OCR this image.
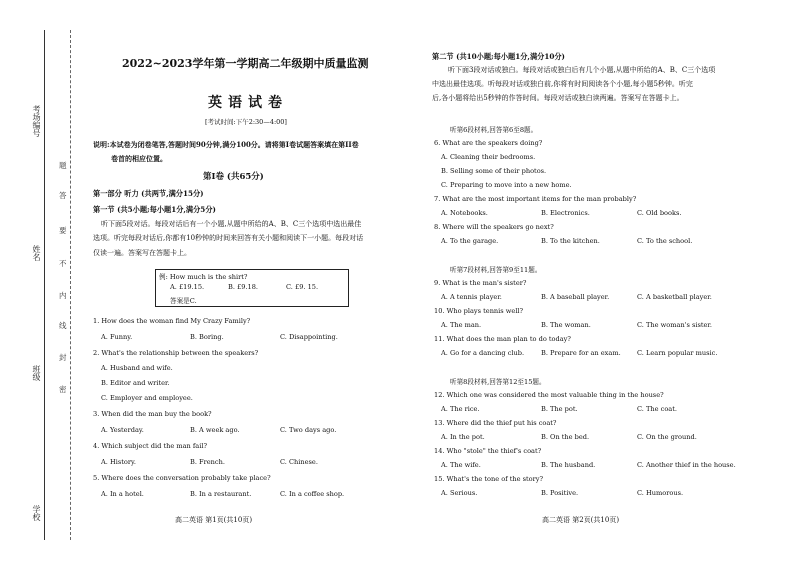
考场编号
姓名
班级
学校
题
答
要
不
内
线
封
密
2022~2023学年第一学期高二年级期中质量监测
英语试卷
[考试时间:下午2:30—4:00]
说明:本试卷为闭卷笔答,答题时间90分钟,满分100分。请将第I卷试题答案填在第II卷
卷首的相应位置。
第I卷 (共65分)
第一部分 听力 (共两节,满分15分)
第一节 (共5小题;每小题1分,满分5分)
听下面5段对话。每段对话后有一个小题,从题中所给的A、B、C三个选项中选出最佳
选项。听完每段对话后,你都有10秒钟的时间来回答有关小题和阅读下一小题。每段对话
仅读一遍。答案写在答题卡上。
例: How much is the shirt?
A. £19.15.	B. £9.18.	C. £9. 15.
答案是C.
1. How does the woman find My Crazy Family?
A. Funny.	B. Boring.	C. Disappointing.
2. What's the relationship between the speakers?
A. Husband and wife.
B. Editor and writer.
C. Employer and employee.
3. When did the man buy the book?
A. Yesterday.	B. A week ago.	C. Two days ago.
4. Which subject did the man fail?
A. History.	B. French.	C. Chinese.
5. Where does the conversation probably take place?
A. In a hotel.	B. In a restaurant.	C. In a coffee shop.
第二节 (共10小题;每小题1分,满分10分)
听下面3段对话或独白。每段对话或独白后有几个小题,从题中所给的A、B、C三个选项
中选出最佳选项。听每段对话或独白前,你将有时间阅读各个小题,每小题5秒钟。听完
后,各小题将给出5秒钟的作答时间。每段对话或独白读两遍。答案写在答题卡上。
听第6段材料,回答第6至8题。
6. What are the speakers doing?
A. Cleaning their bedrooms.
B. Selling some of their photos.
C. Preparing to move into a new home.
7. What are the most important items for the man probably?
A. Notebooks.	B. Electronics.	C. Old books.
8. Where will the speakers go next?
A. To the garage.	B. To the kitchen.	C. To the school.
听第7段材料,回答第9至11题。
9. What is the man's sister?
A. A tennis player.	B. A baseball player.	C. A basketball player.
10. Who plays tennis well?
A. The man.	B. The woman.	C. The woman's sister.
11. What does the man plan to do today?
A. Go for a dancing club.	B. Prepare for an exam. C. Learn popular music.
听第8段材料,回答第12至15题。
12. Which one was considered the most valuable thing in the house?
A. The rice.	B. The pot.	C. The coat.
13. Where did the thief put his coat?
A. In the pot.	B. On the bed.	C. On the ground.
14. Who "stole" the thief's coat?
A. The wife.	B. The husband.	C. Another thief in the house.
15. What's the tone of the story?
A. Serious.	B. Positive.	C. Humorous.
高二英语 第1页(共10页)	高二英语 第2页(共10页)
